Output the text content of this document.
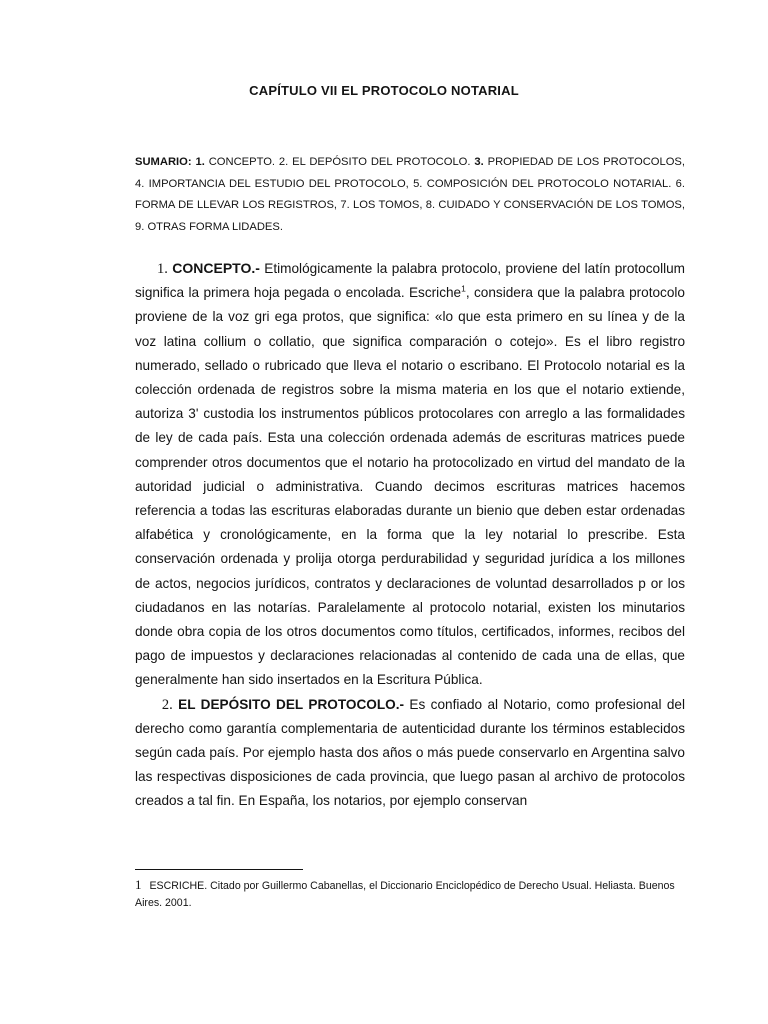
CAPÍTULO VII EL PROTOCOLO NOTARIAL
SUMARIO: 1. CONCEPTO. 2. EL DEPÓSITO DEL PROTOCOLO. 3. PROPIEDAD DE LOS PROTOCOLOS, 4. IMPORTANCIA DEL ESTUDIO DEL PROTOCOLO, 5. COMPOSICIÓN DEL PROTOCOLO NOTARIAL. 6. FORMA DE LLEVAR LOS REGISTROS, 7. LOS TOMOS, 8. CUIDADO Y CONSERVACIÓN DE LOS TOMOS, 9. OTRAS FORMA LIDADES.

1. CONCEPTO.- Etimológicamente la palabra protocolo, proviene del latín protocollum significa la primera hoja pegada o encolada. Escriche$^1$, considera que la palabra protocolo proviene de la voz gri ega protos, que significa: «lo que esta primero en su línea y de la voz latina collium o collatio, que significa comparación o cotejo». Es el libro registro numerado, sellado o rubricado que lleva el notario o escribano. El Protocolo notarial es la colección ordenada de registros sobre la misma materia en los que el notario extiende, autoriza 3' custodia los instrumentos públicos protocolares con arreglo a las formalidades de ley de cada país. Esta una colección ordenada además de escrituras matrices puede comprender otros documentos que el notario ha protocolizado en virtud del mandato de la autoridad judicial o administrativa. Cuando decimos escrituras matrices hacemos referencia a todas las escrituras elaboradas durante un bienio que deben estar ordenadas alfabética y cronológicamente, en la forma que la ley notarial lo prescribe. Esta conservación ordenada y prolija otorga perdurabilidad y seguridad jurídica a los millones de actos, negocios jurídicos, contratos y declaraciones de voluntad desarrollados p or los ciudadanos en las notarías. Paralelamente al protocolo notarial, existen los minutarios donde obra copia de los otros documentos como títulos, certificados, informes, recibos del pago de impuestos y declaraciones relacionadas al contenido de cada una de ellas, que generalmente han sido insertados en la Escritura Pública.

2. EL DEPÓSITO DEL PROTOCOLO.- Es confiado al Notario, como profesional del derecho como garantía complementaria de autenticidad durante los términos establecidos según cada país. Por ejemplo hasta dos años o más puede conservarlo en Argentina salvo las respectivas disposiciones de cada provincia, que luego pasan al archivo de protocolos creados a tal fin. En España, los notarios, por ejemplo conservan

1 ESCRICHE. Citado por Guillermo Cabanellas, el Diccionario Enciclopédico de Derecho Usual. Heliasta. Buenos Aires. 2001.
